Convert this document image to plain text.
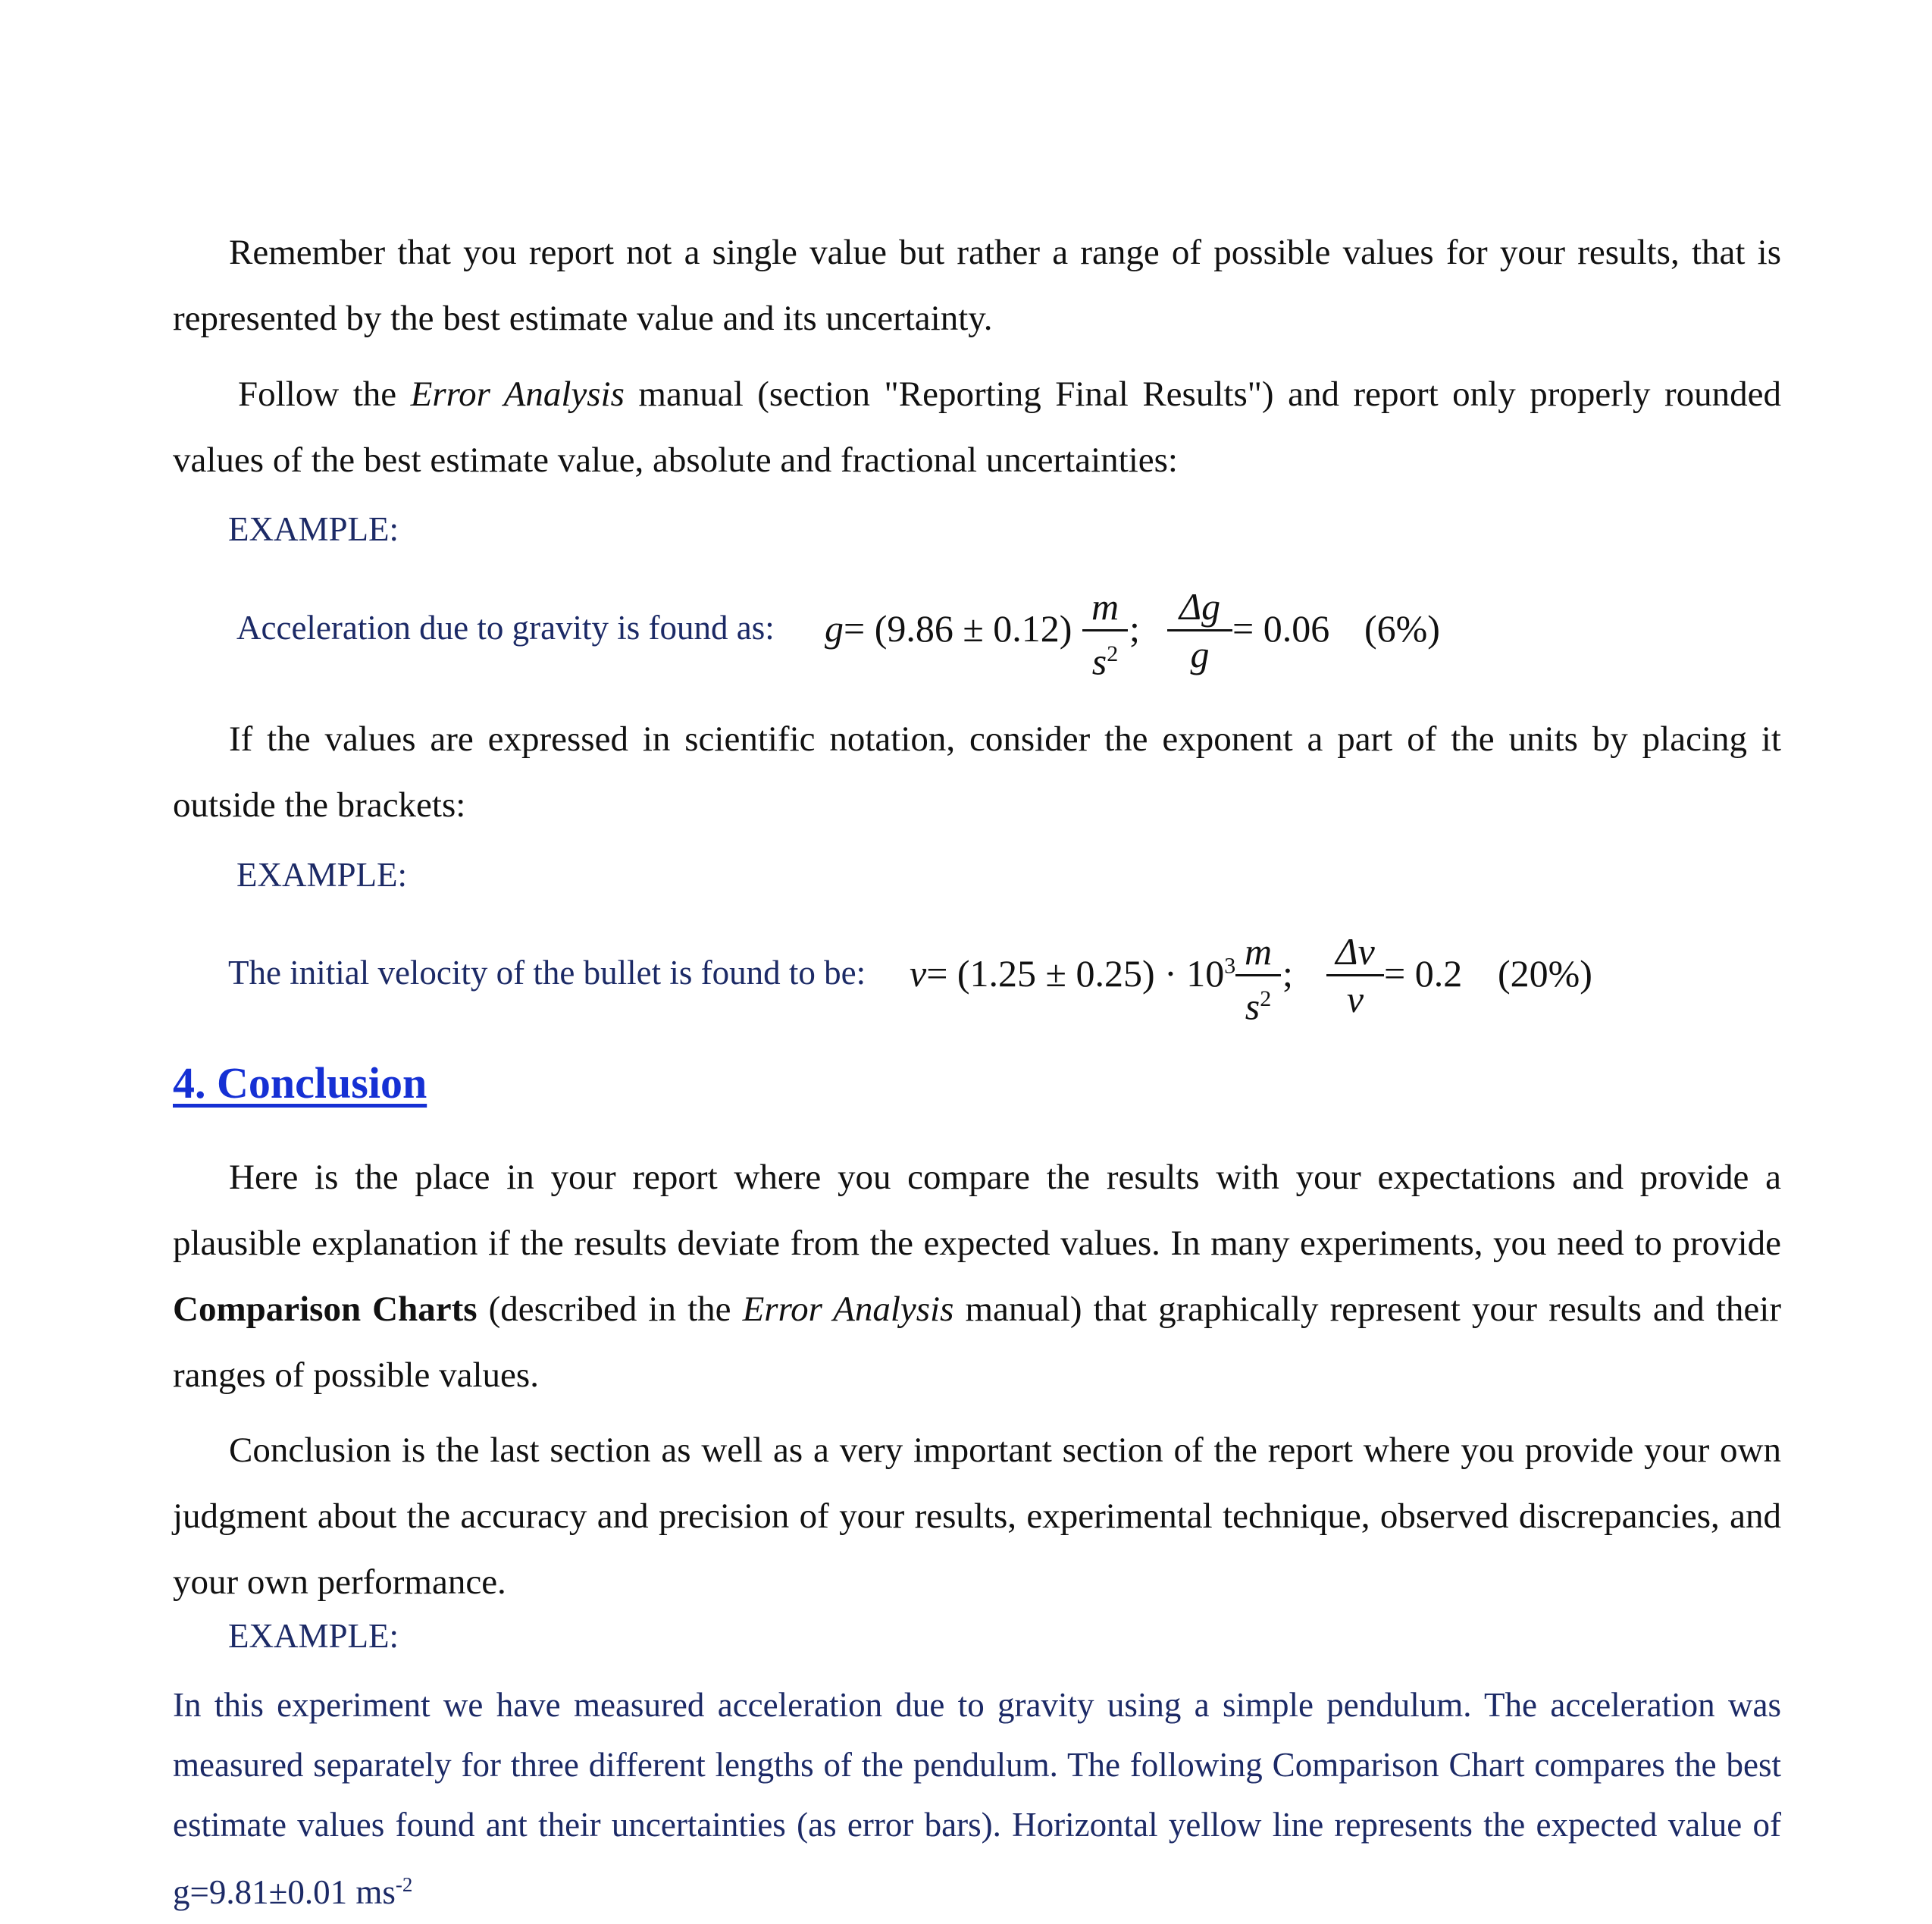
Remember that you report not a single value but rather a range of possible values for your results, that is represented by the best estimate value and its uncertainty.

Follow the Error Analysis manual (section "Reporting Final Results") and report only properly rounded values of the best estimate value, absolute and fractional uncertainties:

EXAMPLE:

Acceleration due to gravity is found as: g= (9.86 ± 0.12)
m
$s^2$
;
Δg
g
= 0.06 (6%)

If the values are expressed in scientific notation, consider the exponent a part of the units by placing it outside the brackets:

EXAMPLE:

The initial velocity of the bullet is found to be: $v= (1.25 \pm 0.25) \cdot 10^3$ m
$s^2$
;
Δv
v
= 0.2 (20%)
4. Conclusion

Here is the place in your report where you compare the results with your expectations and provide a plausible explanation if the results deviate from the expected values. In many experiments, you need to provide Comparison Charts (described in the Error Analysis manual) that graphically represent your results and their ranges of possible values.

Conclusion is the last section as well as a very important section of the report where you provide your own judgment about the accuracy and precision of your results, experimental technique, observed discrepancies, and your own performance.

EXAMPLE:

In this experiment we have measured acceleration due to gravity using a simple pendulum. The acceleration was measured separately for three different lengths of the pendulum. The following Comparison Chart compares the best estimate values found ant their uncertainties (as error bars). Horizontal yellow line represents the expected value of g=9.81±0.01 $ms^{-2}$
